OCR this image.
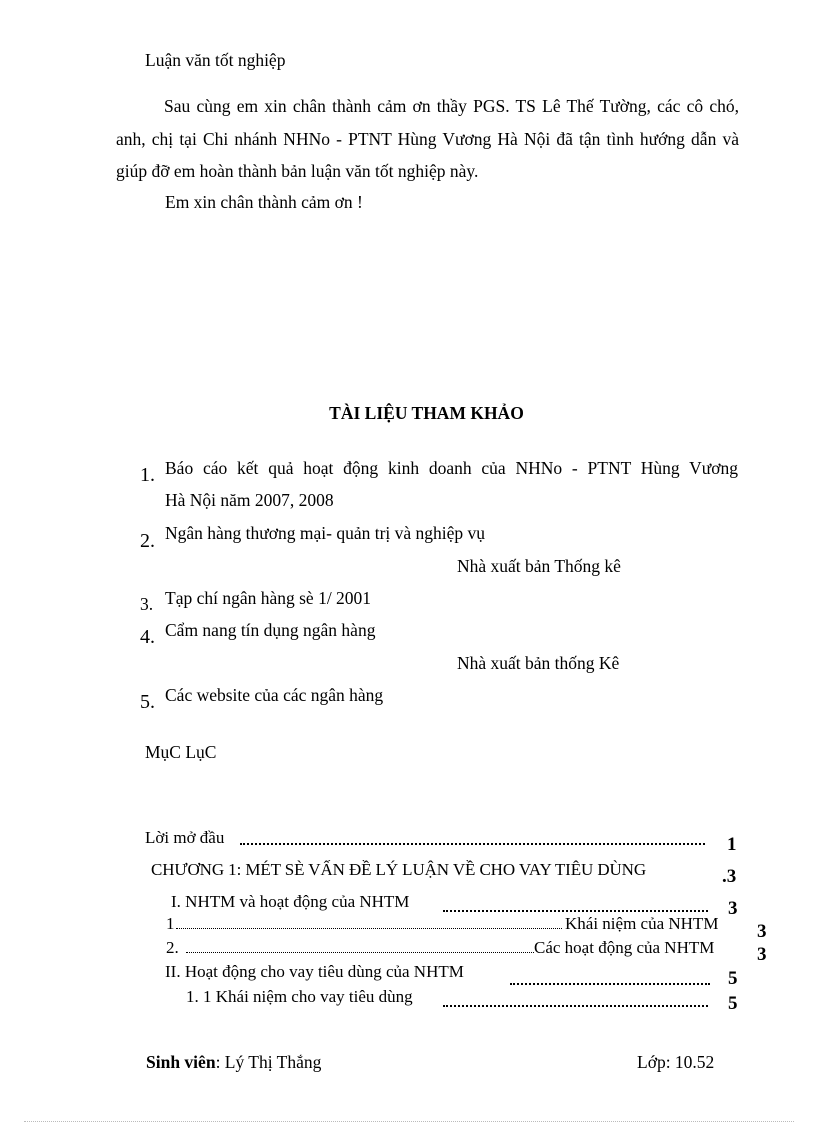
Luận văn tốt nghiệp
Sau cùng em xin chân thành cảm ơn thầy PGS. TS Lê Thế Tường, các cô chó, anh, chị tại Chi nhánh NHNo - PTNT Hùng Vương Hà Nội đã tận tình hướng dẫn và giúp đỡ em hoàn thành bản luận văn tốt nghiệp này.
Em xin chân thành cảm ơn !
TÀI LIỆU THAM KHẢO
1. Báo cáo kết quả hoạt động kinh doanh của NHNo - PTNT Hùng Vương
Hà Nội năm 2007, 2008
2. Ngân hàng thương mại- quản trị và nghiệp vụ
Nhà xuất bản Thống kê
3. Tạp chí ngân hàng sè 1/ 2001
4. Cẩm nang tín dụng ngân hàng
Nhà xuất bản thống Kê
5. Các website của các ngân hàng
MụC LụC
Lời mở đầu	1
CHƯƠNG 1: MÉT SÈ VẤN ĐỀ LÝ LUẬN VỀ CHO VAY TIÊU DÙNG	.3
I. NHTM và hoạt động của NHTM	3
1	Khái niệm của NHTM 3
2.	Các hoạt động của NHTM 3
II. Hoạt động cho vay tiêu dùng của NHTM	5
1. 1 Khái niệm cho vay tiêu dùng	5
Sinh viên: Lý Thị Thắng	Lớp: 10.52
